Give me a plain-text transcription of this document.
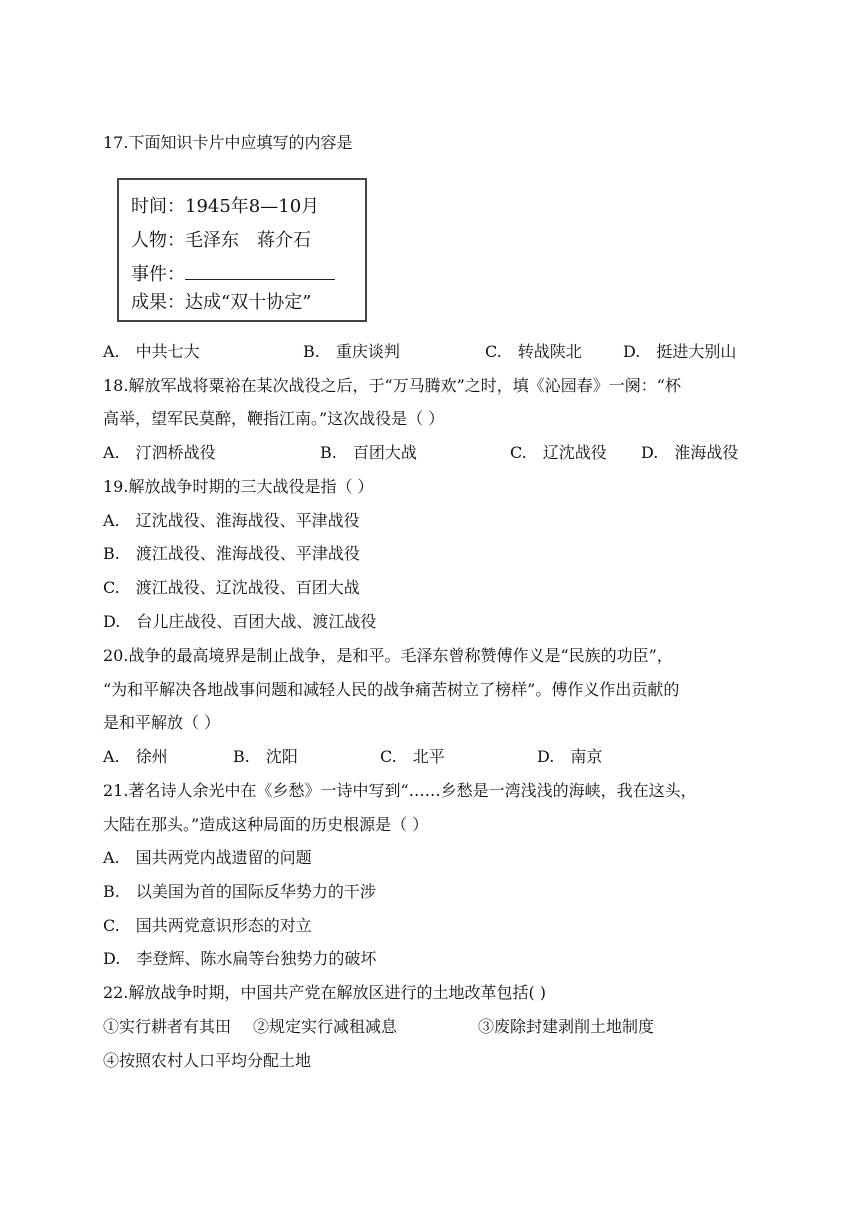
17.下面知识卡片中应填写的内容是
时间：1945年8—10月
人物：毛泽东　蒋介石
事件：
成果：达成“双十协定”
A.　中共七大	B.　重庆谈判	C.　转战陕北	D.　挺进大别山
18.解放军战将粟裕在某次战役之后，于“万马腾欢”之时，填《沁园春》一阕：“杯
高举，望军民莫醉，鞭指江南。”这次战役是（ ）
A.　汀泗桥战役	B.　百团大战	C.　辽沈战役 D.　淮海战役
19.解放战争时期的三大战役是指（ ）
A.　辽沈战役、淮海战役、平津战役
B.　渡江战役、淮海战役、平津战役
C.　渡江战役、辽沈战役、百团大战
D.　台儿庄战役、百团大战、渡江战役
20.战争的最高境界是制止战争，是和平。毛泽东曾称赞傅作义是“民族的功臣”，
“为和平解决各地战事问题和减轻人民的战争痛苦树立了榜样”。傅作义作出贡献的
是和平解放（ ）
A.　徐州	B.　沈阳	C.　北平	D.　南京
21.著名诗人余光中在《乡愁》一诗中写到“……乡愁是一湾浅浅的海峡，我在这头，
大陆在那头。”造成这种局面的历史根源是（ ）
A.　国共两党内战遗留的问题
B.　以美国为首的国际反华势力的干涉
C.　国共两党意识形态的对立
D.　李登辉、陈水扁等台独势力的破坏
22.解放战争时期，中国共产党在解放区进行的土地改革包括( )
①实行耕者有其田 ②规定实行减租减息	③废除封建剥削土地制度
④按照农村人口平均分配土地
